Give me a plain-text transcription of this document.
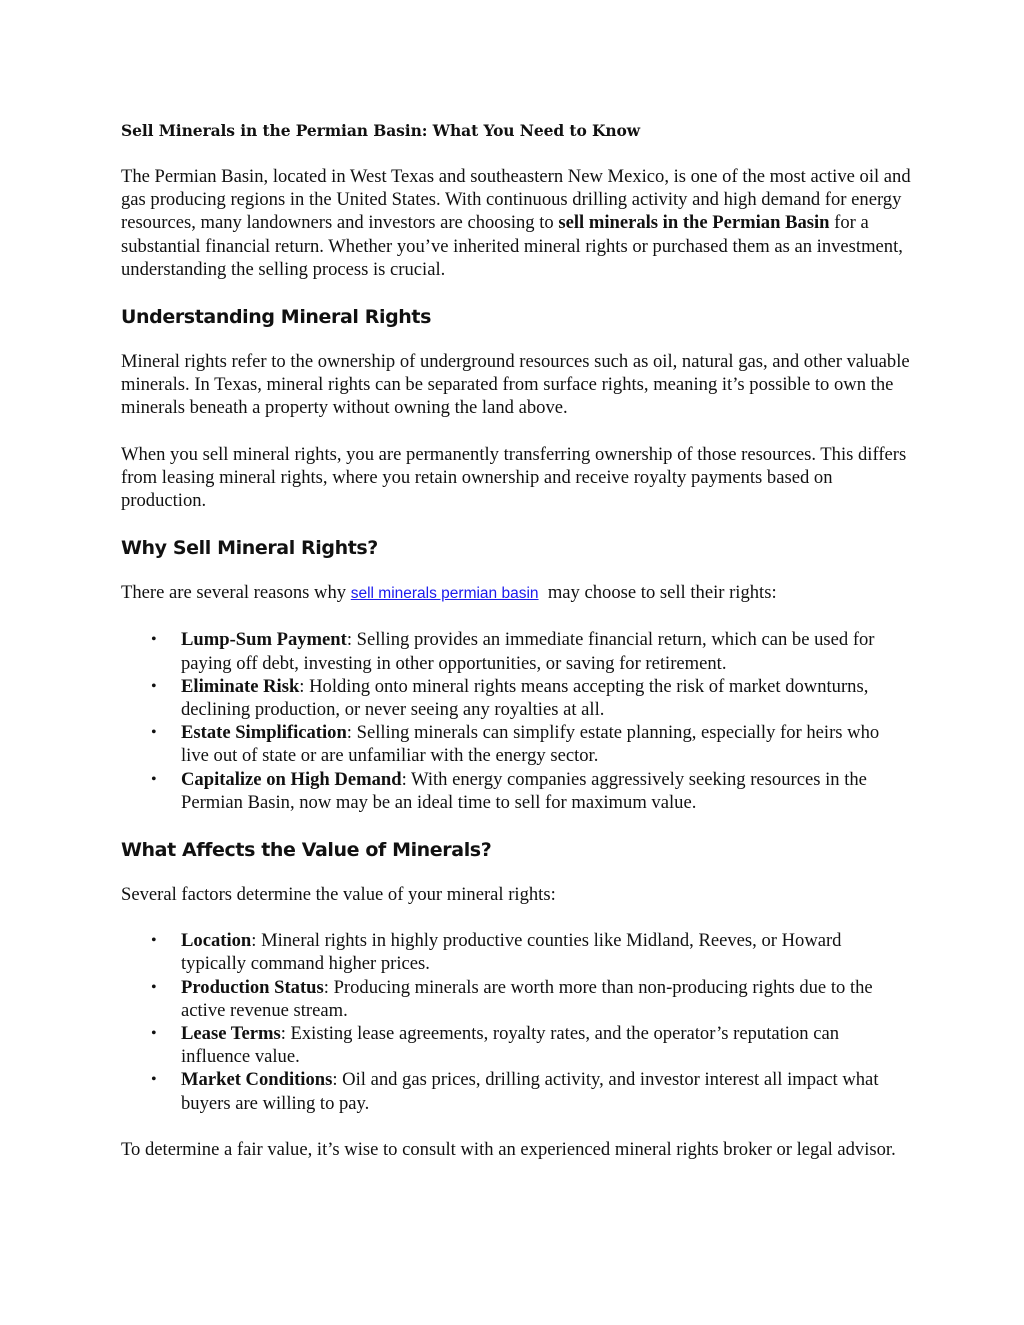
Sell Minerals in the Permian Basin: What You Need to Know

The Permian Basin, located in West Texas and southeastern New Mexico, is one of the most active oil and gas producing regions in the United States. With continuous drilling activity and high demand for energy resources, many landowners and investors are choosing to sell minerals in the Permian Basin for a substantial financial return. Whether you’ve inherited mineral rights or purchased them as an investment, understanding the selling process is crucial.

Understanding Mineral Rights

Mineral rights refer to the ownership of underground resources such as oil, natural gas, and other valuable minerals. In Texas, mineral rights can be separated from surface rights, meaning it’s possible to own the minerals beneath a property without owning the land above.

When you sell mineral rights, you are permanently transferring ownership of those resources. This differs from leasing mineral rights, where you retain ownership and receive royalty payments based on production.

Why Sell Mineral Rights?

There are several reasons why sell minerals permian basin  may choose to sell their rights:

• Lump-Sum Payment: Selling provides an immediate financial return, which can be used for paying off debt, investing in other opportunities, or saving for retirement.
• Eliminate Risk: Holding onto mineral rights means accepting the risk of market downturns, declining production, or never seeing any royalties at all.
• Estate Simplification: Selling minerals can simplify estate planning, especially for heirs who live out of state or are unfamiliar with the energy sector.
• Capitalize on High Demand: With energy companies aggressively seeking resources in the Permian Basin, now may be an ideal time to sell for maximum value.
What Affects the Value of Minerals?

Several factors determine the value of your mineral rights:

• Location: Mineral rights in highly productive counties like Midland, Reeves, or Howard typically command higher prices.
• Production Status: Producing minerals are worth more than non-producing rights due to the active revenue stream.
• Lease Terms: Existing lease agreements, royalty rates, and the operator’s reputation can influence value.
• Market Conditions: Oil and gas prices, drilling activity, and investor interest all impact what buyers are willing to pay.

To determine a fair value, it’s wise to consult with an experienced mineral rights broker or legal advisor.
